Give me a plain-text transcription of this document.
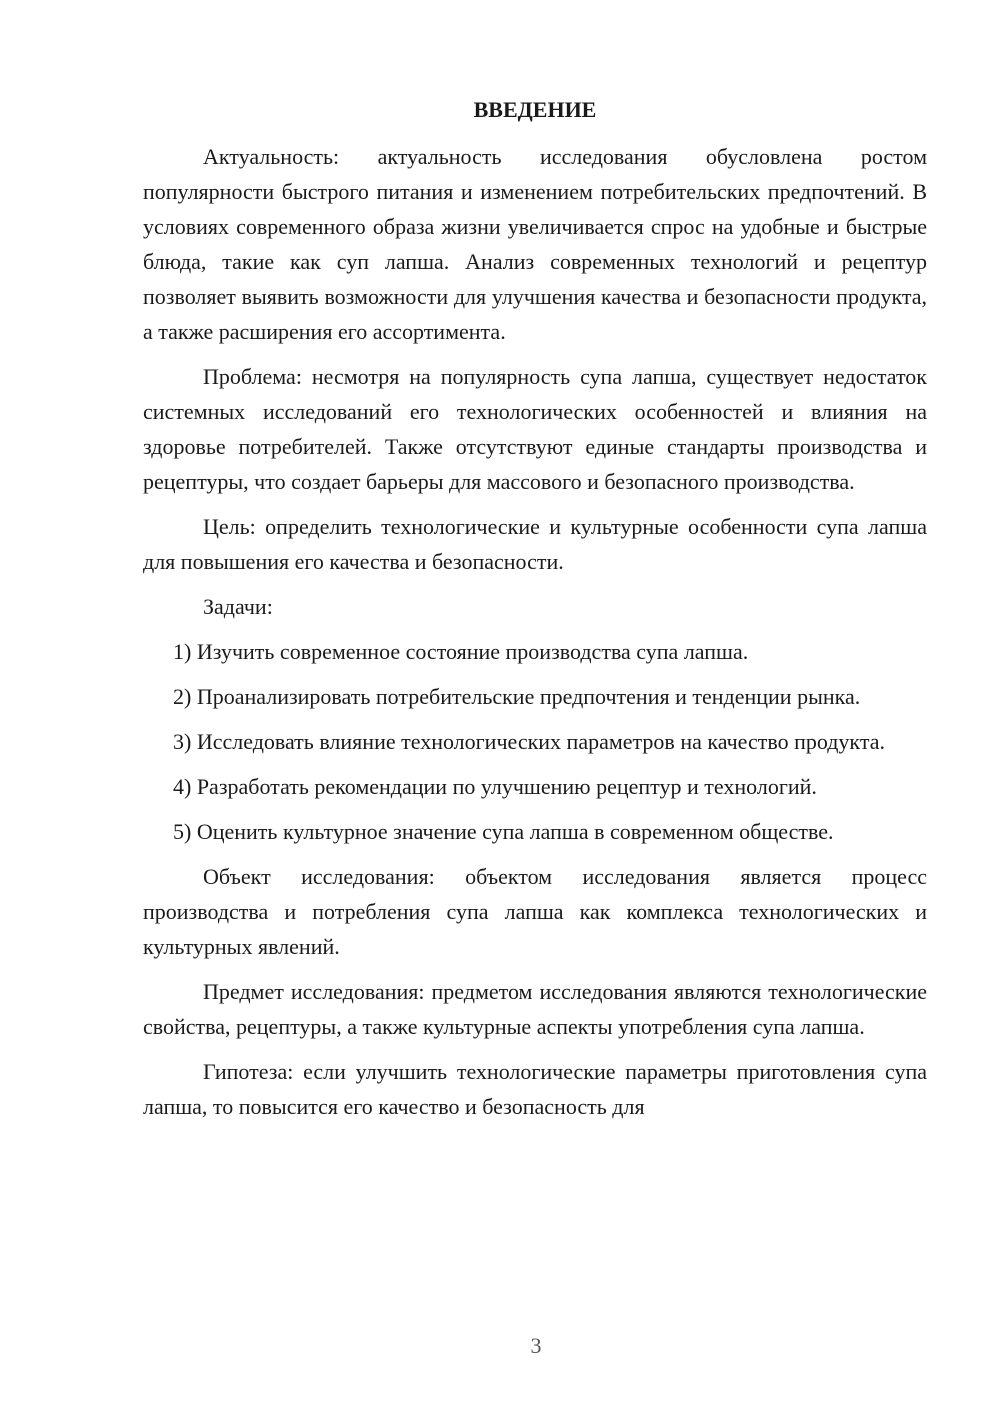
ВВЕДЕНИЕ

Актуальность: актуальность исследования обусловлена ростом популярности быстрого питания и изменением потребительских предпочтений. В условиях современного образа жизни увеличивается спрос на удобные и быстрые блюда, такие как суп лапша. Анализ современных технологий и рецептур позволяет выявить возможности для улучшения качества и безопасности продукта, а также расширения его ассортимента.

Проблема: несмотря на популярность супа лапша, существует недостаток системных исследований его технологических особенностей и влияния на здоровье потребителей. Также отсутствуют единые стандарты производства и рецептуры, что создает барьеры для массового и безопасного производства.

Цель: определить технологические и культурные особенности супа лапша для повышения его качества и безопасности.

Задачи:

1) Изучить современное состояние производства супа лапша.

2) Проанализировать потребительские предпочтения и тенденции рынка.

3) Исследовать влияние технологических параметров на качество продукта.

4) Разработать рекомендации по улучшению рецептур и технологий.

5) Оценить культурное значение супа лапша в современном обществе.

Объект исследования: объектом исследования является процесс производства и потребления супа лапша как комплекса технологических и культурных явлений.

Предмет исследования: предметом исследования являются технологические свойства, рецептуры, а также культурные аспекты употребления супа лапша.

Гипотеза: если улучшить технологические параметры приготовления супа лапша, то повысится его качество и безопасность для

3
